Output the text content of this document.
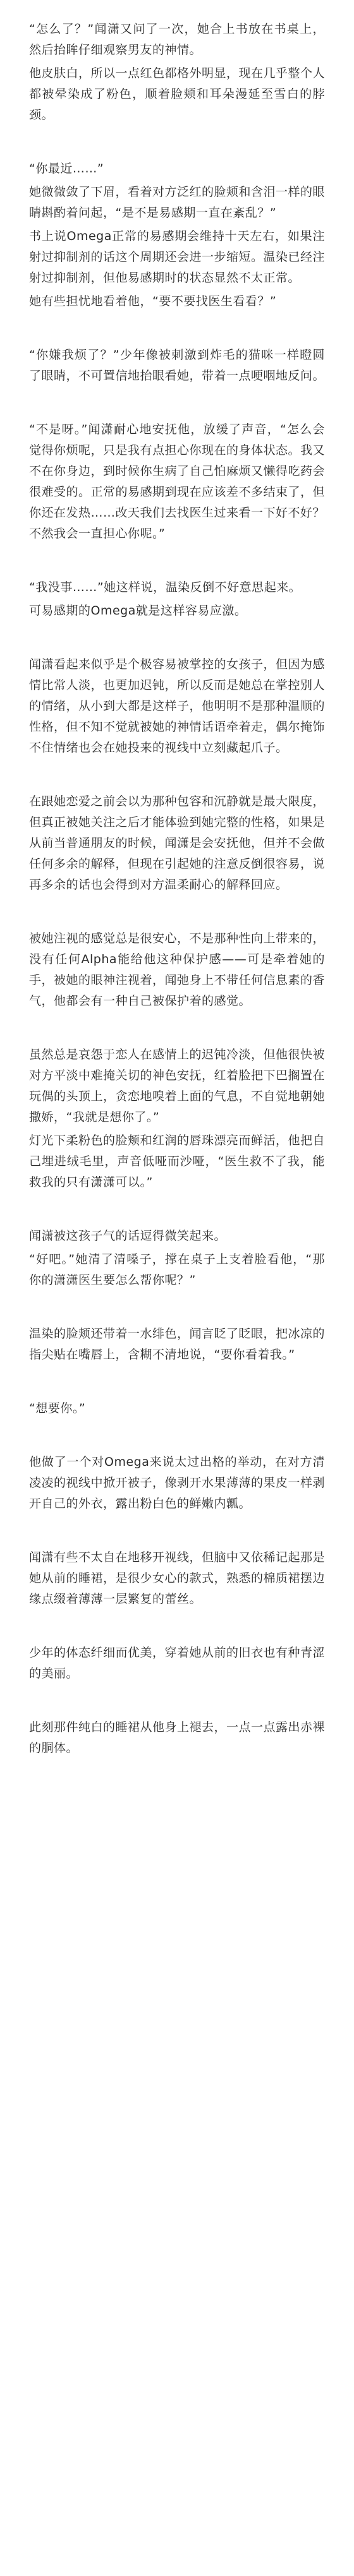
“怎么了？”闻潇又问了一次，她合上书放在书桌上，然后抬眸仔细观察男友的神情。

他皮肤白，所以一点红色都格外明显，现在几乎整个人都被晕染成了粉色，顺着脸颊和耳朵漫延至雪白的脖颈。

“你最近……”

她微微敛了下眉，看着对方泛红的脸颊和含泪一样的眼睛斟酌着问起，“是不是易感期一直在紊乱？”

书上说Omega正常的易感期会维持十天左右，如果注射过抑制剂的话这个周期还会进一步缩短。温染已经注射过抑制剂，但他易感期时的状态显然不太正常。

她有些担忧地看着他，“要不要找医生看看？”

“你嫌我烦了？”少年像被刺激到炸毛的猫咪一样瞪圆了眼睛，不可置信地抬眼看她，带着一点哽咽地反问。

“不是呀。”闻潇耐心地安抚他，放缓了声音，“怎么会觉得你烦呢，只是我有点担心你现在的身体状态。我又不在你身边，到时候你生病了自己怕麻烦又懒得吃药会很难受的。正常的易感期到现在应该差不多结束了，但你还在发热……改天我们去找医生过来看一下好不好？不然我会一直担心你呢。”

“我没事……”她这样说，温染反倒不好意思起来。

可易感期的Omega就是这样容易应激。

闻潇看起来似乎是个极容易被掌控的女孩子，但因为感情比常人淡，也更加迟钝，所以反而是她总在掌控别人的情绪，从小到大都是这样子，他明明不是那种温顺的性格，但不知不觉就被她的神情话语牵着走，偶尔掩饰不住情绪也会在她投来的视线中立刻藏起爪子。

在跟她恋爱之前会以为那种包容和沉静就是最大限度，但真正被她关注之后才能体验到她完整的性格，如果是从前当普通朋友的时候，闻潇是会安抚他，但并不会做任何多余的解释，但现在引起她的注意反倒很容易，说再多余的话也会得到对方温柔耐心的解释回应。

被她注视的感觉总是很安心，不是那种性向上带来的，没有任何Alpha能给他这种保护感——可是牵着她的手，被她的眼神注视着，闻弛身上不带任何信息素的香气，他都会有一种自己被保护着的感觉。

虽然总是哀怨于恋人在感情上的迟钝冷淡，但他很快被对方平淡中难掩关切的神色安抚，红着脸把下巴搁置在玩偶的头顶上，贪恋地嗅着上面的气息，不自觉地朝她撒娇，“我就是想你了。”

灯光下柔粉色的脸颊和红润的唇珠漂亮而鲜活，他把自己埋进绒毛里，声音低哑而沙哑，“医生救不了我，能救我的只有潇潇可以。”

闻潇被这孩子气的话逗得微笑起来。

“好吧。”她清了清嗓子，撑在桌子上支着脸看他，“那你的潇潇医生要怎么帮你呢？”

温染的脸颊还带着一水绯色，闻言眨了眨眼，把冰凉的指尖贴在嘴唇上，含糊不清地说，“要你看着我。”

“想要你。”

他做了一个对Omega来说太过出格的举动，在对方清凌凌的视线中掀开被子，像剥开水果薄薄的果皮一样剥开自己的外衣，露出粉白色的鲜嫩内瓤。

闻潇有些不太自在地移开视线，但脑中又依稀记起那是她从前的睡裙，是很少女心的款式，熟悉的棉质裙摆边缘点缀着薄薄一层繁复的蕾丝。

少年的体态纤细而优美，穿着她从前的旧衣也有种青涩的美丽。

此刻那件纯白的睡裙从他身上褪去，一点一点露出赤裸的胴体。
